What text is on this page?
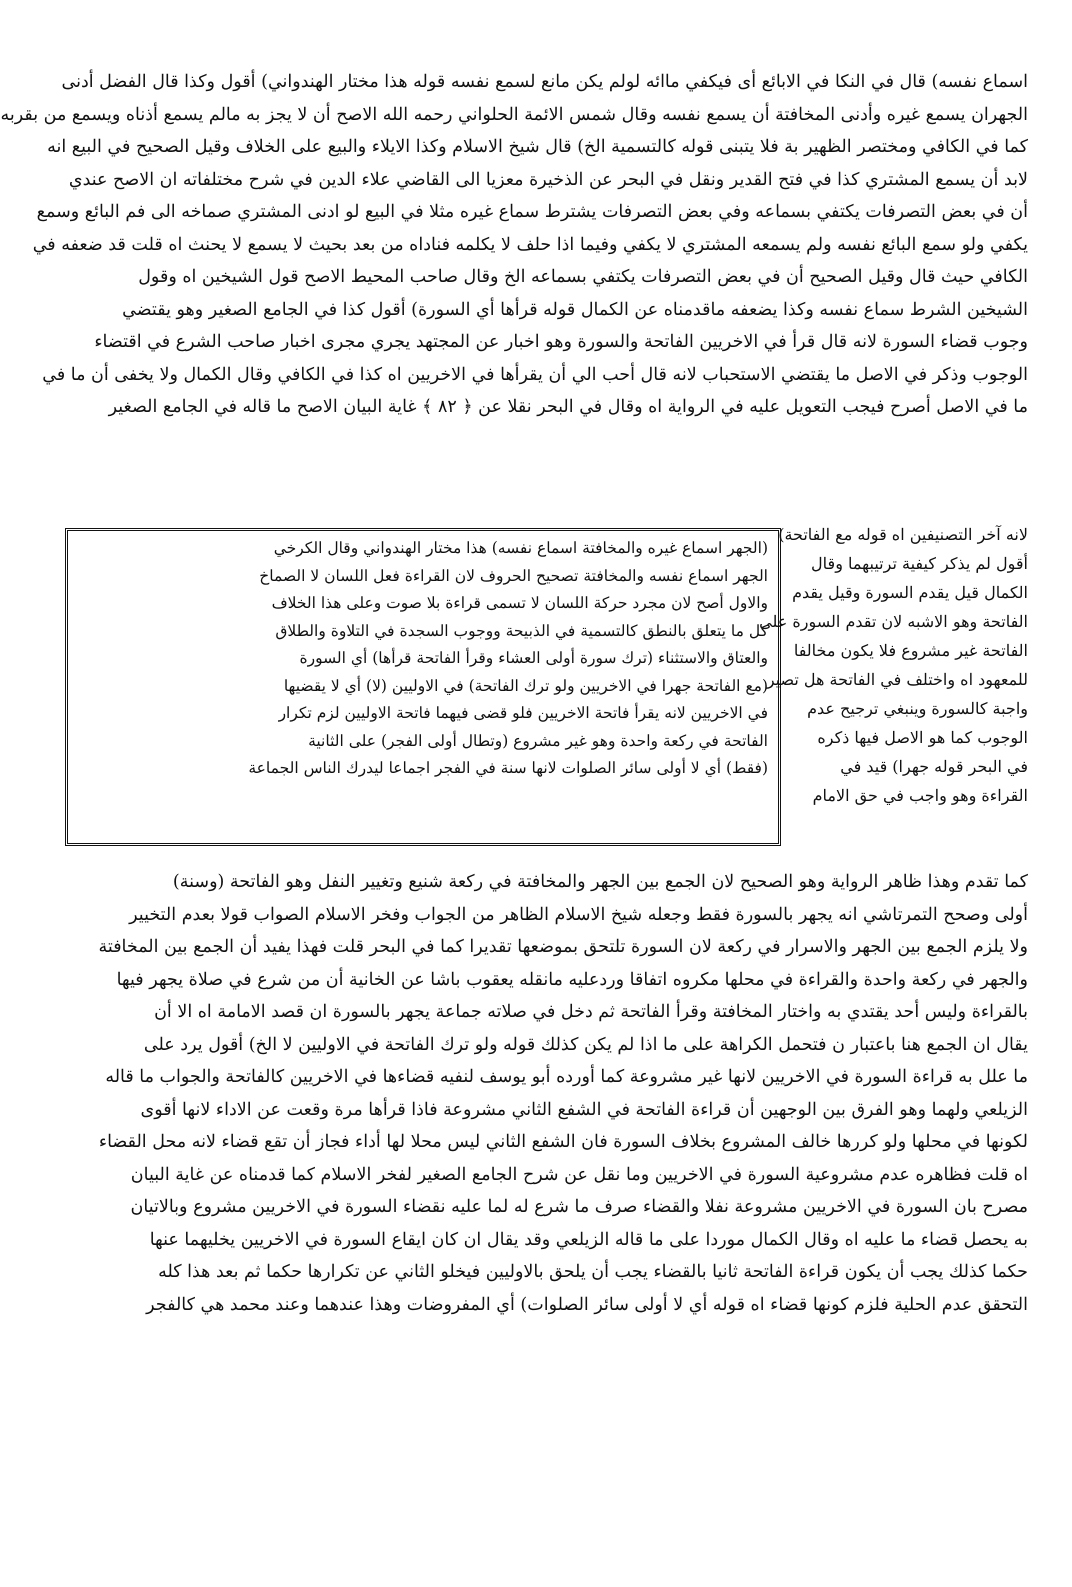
اسماع نفسه) قال في النكا في الابائع أى فيكفي ماائه لولم يكن مانع لسمع نفسه قوله هذا مختار الهندواني) أقول وكذا قال الفضل أدنى
الجهران يسمع غيره وأدنى المخافتة أن يسمع نفسه وقال شمس الائمة الحلواني رحمه الله الاصح أن لا يجز به مالم يسمع أذناه ويسمع من بقربه
كما في الكافي ومختصر الظهير بة فلا يتبنى قوله كالتسمية الخ) قال شيخ الاسلام وكذا الايلاء والبيع على الخلاف وقيل الصحيح في البيع انه
لابد أن يسمع المشتري كذا في فتح القدير ونقل في البحر عن الذخيرة معزيا الى القاضي علاء الدين في شرح مختلفاته ان الاصح عندي
أن في بعض التصرفات يكتفي بسماعه وفي بعض التصرفات يشترط سماع غيره مثلا في البيع لو ادنى المشتري صماخه الى فم البائع وسمع
يكفي ولو سمع البائع نفسه ولم يسمعه المشتري لا يكفي وفيما اذا حلف لا يكلمه فناداه من بعد بحيث لا يسمع لا يحنث اه قلت قد ضعفه في
الكافي حيث قال وقيل الصحيح أن في بعض التصرفات يكتفي بسماعه الخ وقال صاحب المحيط الاصح قول الشيخين اه وقول
الشيخين الشرط سماع نفسه وكذا يضعفه ماقدمناه عن الكمال قوله قرأها أي السورة) أقول كذا في الجامع الصغير وهو يقتضي
وجوب قضاء السورة لانه قال قرأ في الاخريين الفاتحة والسورة وهو اخبار عن المجتهد يجري مجرى اخبار صاحب الشرع في اقتضاء
الوجوب وذكر في الاصل ما يقتضي الاستحباب لانه قال أحب الي أن يقرأها في الاخريين اه كذا في الكافي وقال الكمال ولا يخفى أن ما في
ما في الاصل أصرح فيجب التعويل عليه في الرواية اه وقال في البحر نقلا عن ﴿ ٨٢ ﴾ غاية البيان الاصح ما قاله في الجامع الصغير
لانه آخر التصنيفين اه قوله مع الفاتحة)
أقول لم يذكر كيفية ترتيبهما وقال
الكمال قيل يقدم السورة وقيل يقدم
الفاتحة وهو الاشبه لان تقدم السورة على
الفاتحة غير مشروع فلا يكون مخالفا
للمعهود اه واختلف في الفاتحة هل تصير
واجبة كالسورة وينبغي ترجيح عدم
الوجوب كما هو الاصل فيها ذكره
في البحر قوله جهرا) قيد في
القراءة وهو واجب في حق الامام
(الجهر اسماع غيره والمخافتة اسماع نفسه) هذا مختار الهندواني وقال الكرخي
الجهر اسماع نفسه والمخافتة تصحيح الحروف لان القراءة فعل اللسان لا الصماخ
والاول أصح لان مجرد حركة اللسان لا تسمى قراءة بلا صوت وعلى هذا الخلاف
كل ما يتعلق بالنطق كالتسمية في الذبيحة ووجوب السجدة في التلاوة والطلاق
والعتاق والاستثناء (ترك سورة أولى العشاء وقرأ الفاتحة قرأها) أي السورة
(مع الفاتحة جهرا في الاخريين ولو ترك الفاتحة) في الاوليين (لا) أي لا يقضيها
في الاخريين لانه يقرأ فاتحة الاخريين فلو قضى فيهما فاتحة الاوليين لزم تكرار
الفاتحة في ركعة واحدة وهو غير مشروع (وتطال أولى الفجر) على الثانية
(فقط) أي لا أولى سائر الصلوات لانها سنة في الفجر اجماعا ليدرك الناس الجماعة
كما تقدم وهذا ظاهر الرواية وهو الصحيح لان الجمع بين الجهر والمخافتة في ركعة شنيع وتغيير النفل وهو الفاتحة (وسنة)
أولى وصحح التمرتاشي انه يجهر بالسورة فقط وجعله شيخ الاسلام الظاهر من الجواب وفخر الاسلام الصواب قولا بعدم التخيير
ولا يلزم الجمع بين الجهر والاسرار في ركعة لان السورة تلتحق بموضعها تقديرا كما في البحر قلت فهذا يفيد أن الجمع بين المخافتة
والجهر في ركعة واحدة والقراءة في محلها مكروه اتفاقا وردعليه مانقله يعقوب باشا عن الخانية أن من شرع في صلاة يجهر فيها
بالقراءة وليس أحد يقتدي به واختار المخافتة وقرأ الفاتحة ثم دخل في صلاته جماعة يجهر بالسورة ان قصد الامامة اه الا أن
يقال ان الجمع هنا باعتبار ن فتحمل الكراهة على ما اذا لم يكن كذلك قوله ولو ترك الفاتحة في الاوليين لا الخ) أقول يرد على
ما علل به قراءة السورة في الاخريين لانها غير مشروعة كما أورده أبو يوسف لنفيه قضاءها في الاخريين كالفاتحة والجواب ما قاله
الزيلعي ولهما وهو الفرق بين الوجهين أن قراءة الفاتحة في الشفع الثاني مشروعة فاذا قرأها مرة وقعت عن الاداء لانها أقوى
لكونها في محلها ولو كررها خالف المشروع بخلاف السورة فان الشفع الثاني ليس محلا لها أداء فجاز أن تقع قضاء لانه محل القضاء
اه قلت فظاهره عدم مشروعية السورة في الاخريين وما نقل عن شرح الجامع الصغير لفخر الاسلام كما قدمناه عن غاية البيان
مصرح بان السورة في الاخريين مشروعة نفلا والقضاء صرف ما شرع له لما عليه نقضاء السورة في الاخريين مشروع وبالاتيان
به يحصل قضاء ما عليه اه وقال الكمال موردا على ما قاله الزيلعي وقد يقال ان كان ايقاع السورة في الاخريين يخليهما عنها
حكما كذلك يجب أن يكون قراءة الفاتحة ثانيا بالقضاء يجب أن يلحق بالاوليين فيخلو الثاني عن تكرارها حكما ثم بعد هذا كله
التحقق عدم الحلية فلزم كونها قضاء اه قوله أي لا أولى سائر الصلوات) أي المفروضات وهذا عندهما وعند محمد هي كالفجر
